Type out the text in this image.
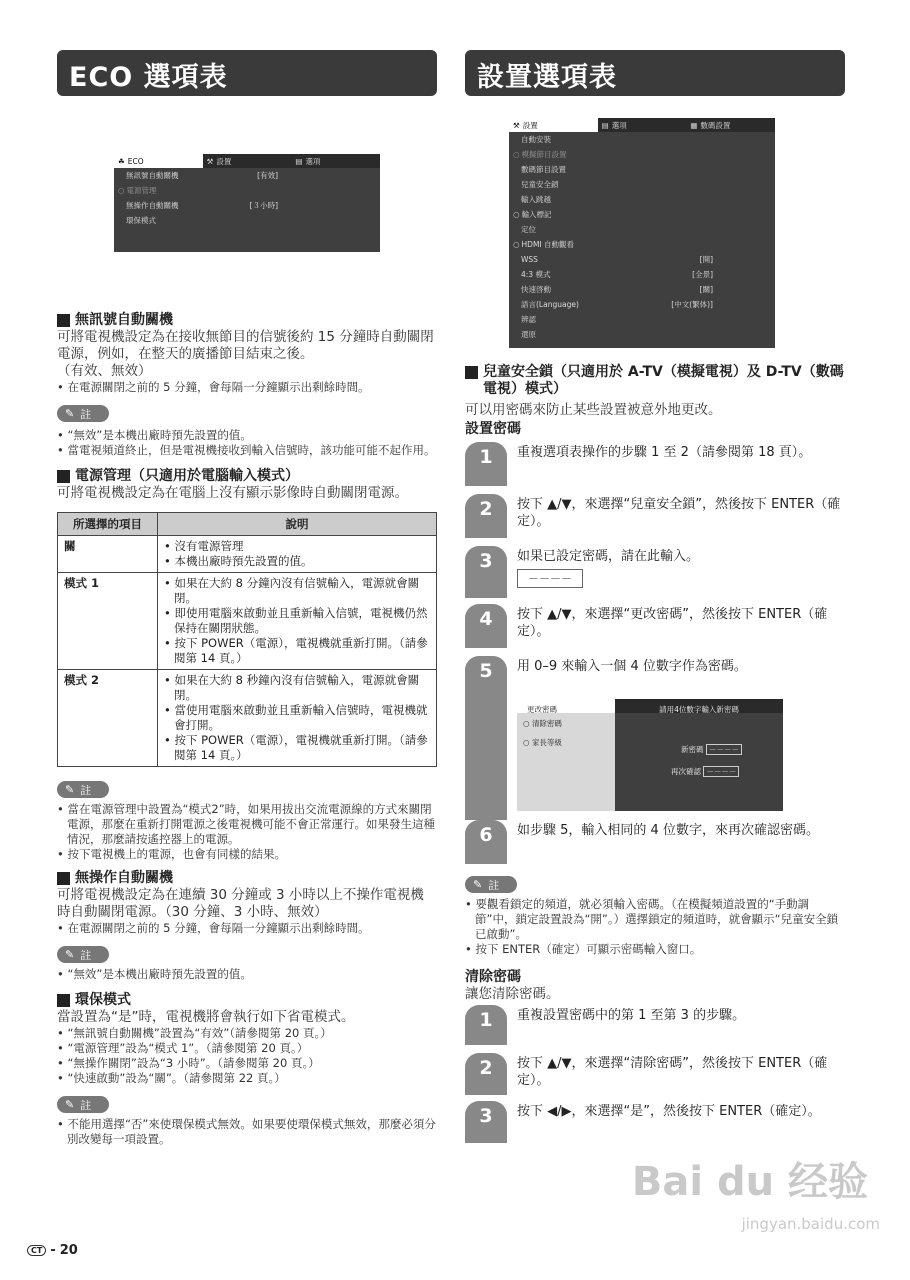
ECO 選項表
☘ ECO	⚒ 設置	▤ 選項
無訊號自動關機	[有效]
○ 電源管理
無操作自動關機	[３小時]
環保模式
無訊號自動關機
可將電視機設定為在接收無節目的信號後約 15 分鐘時自動關閉電源，例如，在整天的廣播節目結束之後。
（有效、無效）
• 在電源關閉之前的 5 分鐘，會每隔一分鐘顯示出剩餘時間。
✎ 註
• “無效”是本機出廠時預先設置的值。
• 當電視頻道終止，但是電視機接收到輸入信號時，該功能可能不起作用。
電源管理（只適用於電腦輸入模式）
可將電視機設定為在電腦上沒有顯示影像時自動關閉電源。
所選擇的項目	說明
關	• 沒有電源管理
• 本機出廠時預先設置的值。

模式 1	• 如果在大約 8 分鐘內沒有信號輸入，電源就會關閉。
• 即使用電腦來啟動並且重新輸入信號，電視機仍然保持在關閉狀態。
• 按下 POWER（電源），電視機就重新打開。（請參閱第 14 頁。）

模式 2	• 如果在大約 8 秒鐘內沒有信號輸入，電源就會關閉。
• 當使用電腦來啟動並且重新輸入信號時，電視機就會打開。
• 按下 POWER（電源），電視機就重新打開。（請參閱第 14 頁。）
✎ 註
• 當在電源管理中設置為“模式2”時，如果用拔出交流電源線的方式來關閉電源，那麼在重新打開電源之後電視機可能不會正常運行。如果發生這種情況，那麼請按遙控器上的電源。
• 按下電視機上的電源，也會有同樣的結果。
無操作自動關機
可將電視機設定為在連續 30 分鐘或 3 小時以上不操作電視機時自動關閉電源。（30 分鐘、3 小時、無效）
• 在電源關閉之前的 5 分鐘，會每隔一分鐘顯示出剩餘時間。
✎ 註
• “無效”是本機出廠時預先設置的值。
環保模式
當設置為“是”時，電視機將會執行如下省電模式。
• “無訊號自動關機”設置為“有效”（請參閱第 20 頁。）
• “電源管理”設為“模式 1”。（請參閱第 20 頁。）
• “無操作關閉”設為“3 小時”。（請參閱第 20 頁。）
• “快速啟動”設為“關”。（請參閱第 22 頁。）
✎ 註
• 不能用選擇“否”來使環保模式無效。如果要使環保模式無效，那麼必須分別改變每一項設置。
設置選項表
⚒ 設置	▤ 選項	▦ 數碼設置
自動安裝
○ 模擬節目設置
數碼節目設置
兒童安全鎖
輸入跳越
○ 輸入標記
定位
○ HDMI 自動觀看
WSS	[開]
4:3 模式	[全景]
快速啓動	[關]
語言(Language)	[中文(繁体)]
辨認
還原
兒童安全鎖（只適用於 A-TV（模擬電視）及 D-TV（數碼電視）模式）
可以用密碼來防止某些設置被意外地更改。
設置密碼
1	重複選項表操作的步驟 1 至 2（請參閱第 18 頁）。
2	按下 ▲/▼，來選擇“兒童安全鎖”，然後按下 ENTER（確定）。
3	如果已設定密碼，請在此輸入。
－－－－
4	按下 ▲/▼，來選擇“更改密碼”，然後按下 ENTER（確定）。
5	用 0–9 來輸入一個 4 位數字作為密碼。
更改密碼
○ 清除密碼
○ 家長等級
請用4位數字輸入新密碼
新密碼 －－－－
再次確認 －－－－
6	如步驟 5，輸入相同的 4 位數字，來再次確認密碼。
✎ 註
• 要觀看鎖定的頻道，就必須輸入密碼。（在模擬頻道設置的“手動調節”中，鎖定設置設為“開”。）選擇鎖定的頻道時，就會顯示“兒童安全鎖已啟動”。
• 按下 ENTER（確定）可顯示密碼輸入窗口。
清除密碼
讓您清除密碼。
1	重複設置密碼中的第 1 至第 3 的步驟。
2	按下 ▲/▼，來選擇“清除密碼”，然後按下 ENTER（確定）。
3	按下 ◀/▶，來選擇“是”，然後按下 ENTER（確定）。
CT - 20
Bai du 经验
jingyan.baidu.com
